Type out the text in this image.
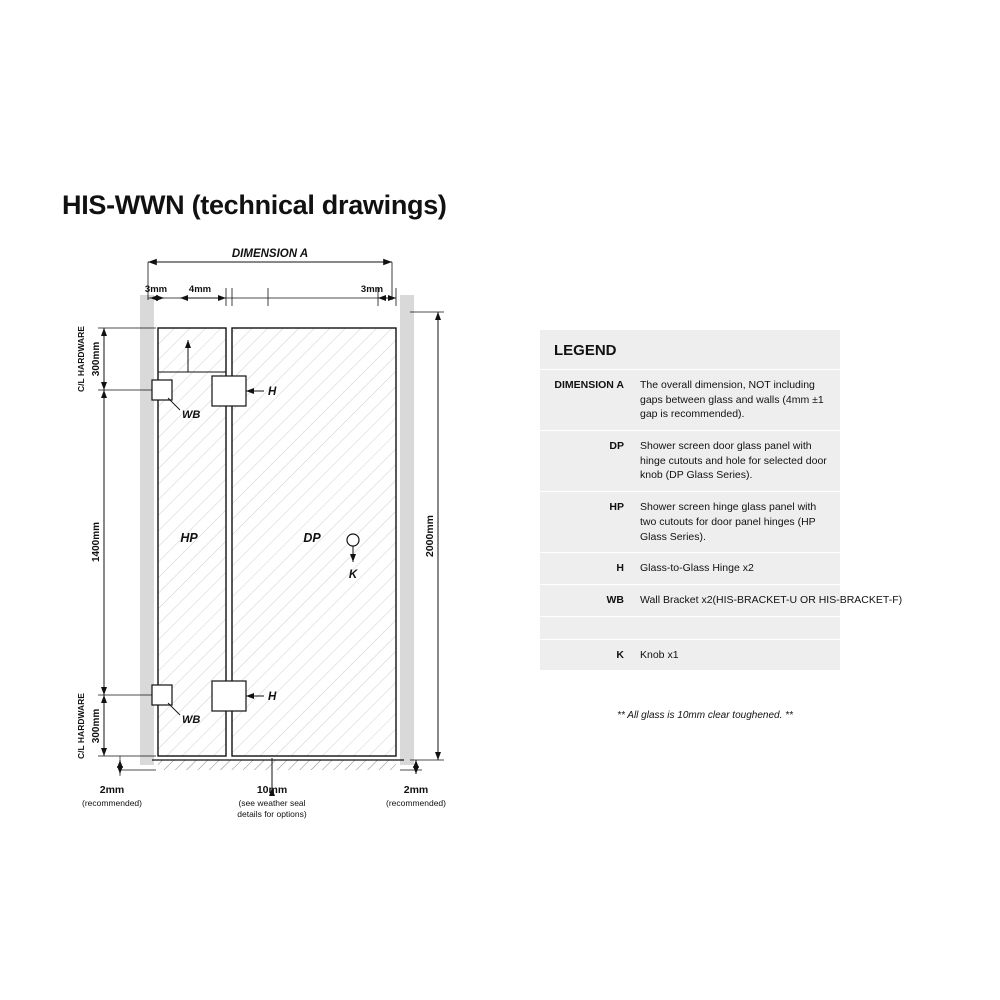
HIS-WWN (technical drawings)
DIMENSION A
3mm 4mm	3mm
300mm
C/L HARDWARE
1400mm
300mm
C/L HARDWARE
2000mm
WB
WB
H
H
K
HP	DP
2mm
(recommended)
10mm
(see weather seal
details for options)
2mm
(recommended)
LEGEND
DIMENSION A	The overall dimension, NOT including gaps between glass and walls (4mm ±1 gap is recommended).
DP	Shower screen door glass panel with hinge cutouts and hole for selected door knob (DP Glass Series).
HP	Shower screen hinge glass panel with two cutouts for door panel hinges (HP Glass Series).
H	Glass-to-Glass Hinge x2
WB	Wall Bracket x2(HIS-BRACKET-U OR HIS-BRACKET-F)
K	Knob x1
** All glass is 10mm clear toughened. **
